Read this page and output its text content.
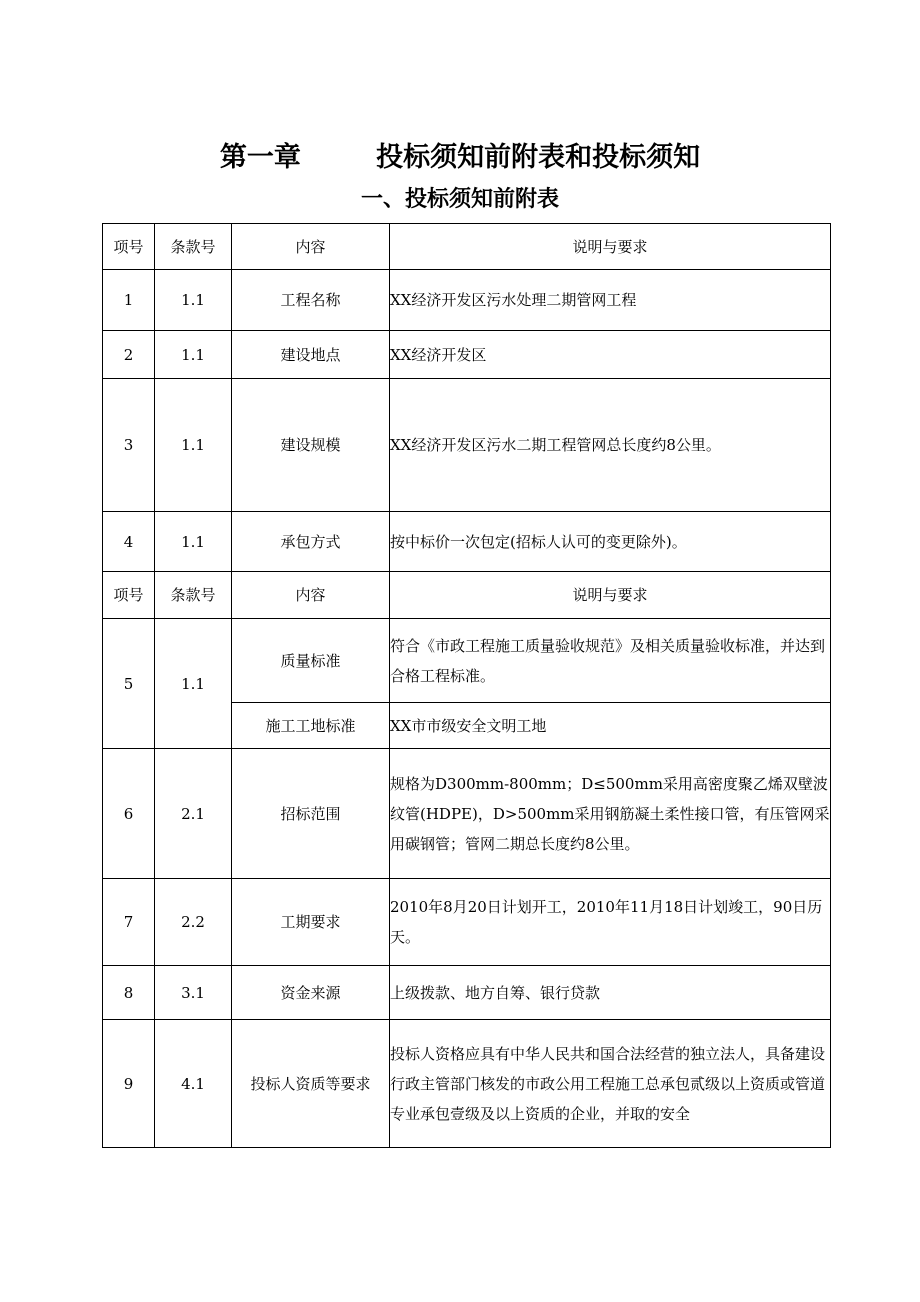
第一章	投标须知前附表和投标须知
一、投标须知前附表
项号	条款号	内容	说明与要求
1	1.1	工程名称	XX经济开发区污水处理二期管网工程
2	1.1	建设地点	XX经济开发区
3	1.1	建设规模	XX经济开发区污水二期工程管网总长度约8公里。
4	1.1	承包方式	按中标价一次包定(招标人认可的变更除外)。
项号	条款号	内容	说明与要求
5	1.1	质量标准	符合《市政工程施工质量验收规范》及相关质量验收标准，并达到合格工程标准。
		施工工地标准	XX市市级安全文明工地
6	2.1	招标范围	规格为D300mm-800mm；D≤500mm采用高密度聚乙烯双壁波纹管(HDPE)，D>500mm采用钢筋凝土柔性接口管，有压管网采用碳钢管；管网二期总长度约8公里。
7	2.2	工期要求	2010年8月20日计划开工，2010年11月18日计划竣工，90日历天。
8	3.1	资金来源	上级拨款、地方自筹、银行贷款
9	4.1	投标人资质等要求	投标人资格应具有中华人民共和国合法经营的独立法人，具备建设行政主管部门核发的市政公用工程施工总承包贰级以上资质或管道专业承包壹级及以上资质的企业，并取的安全
